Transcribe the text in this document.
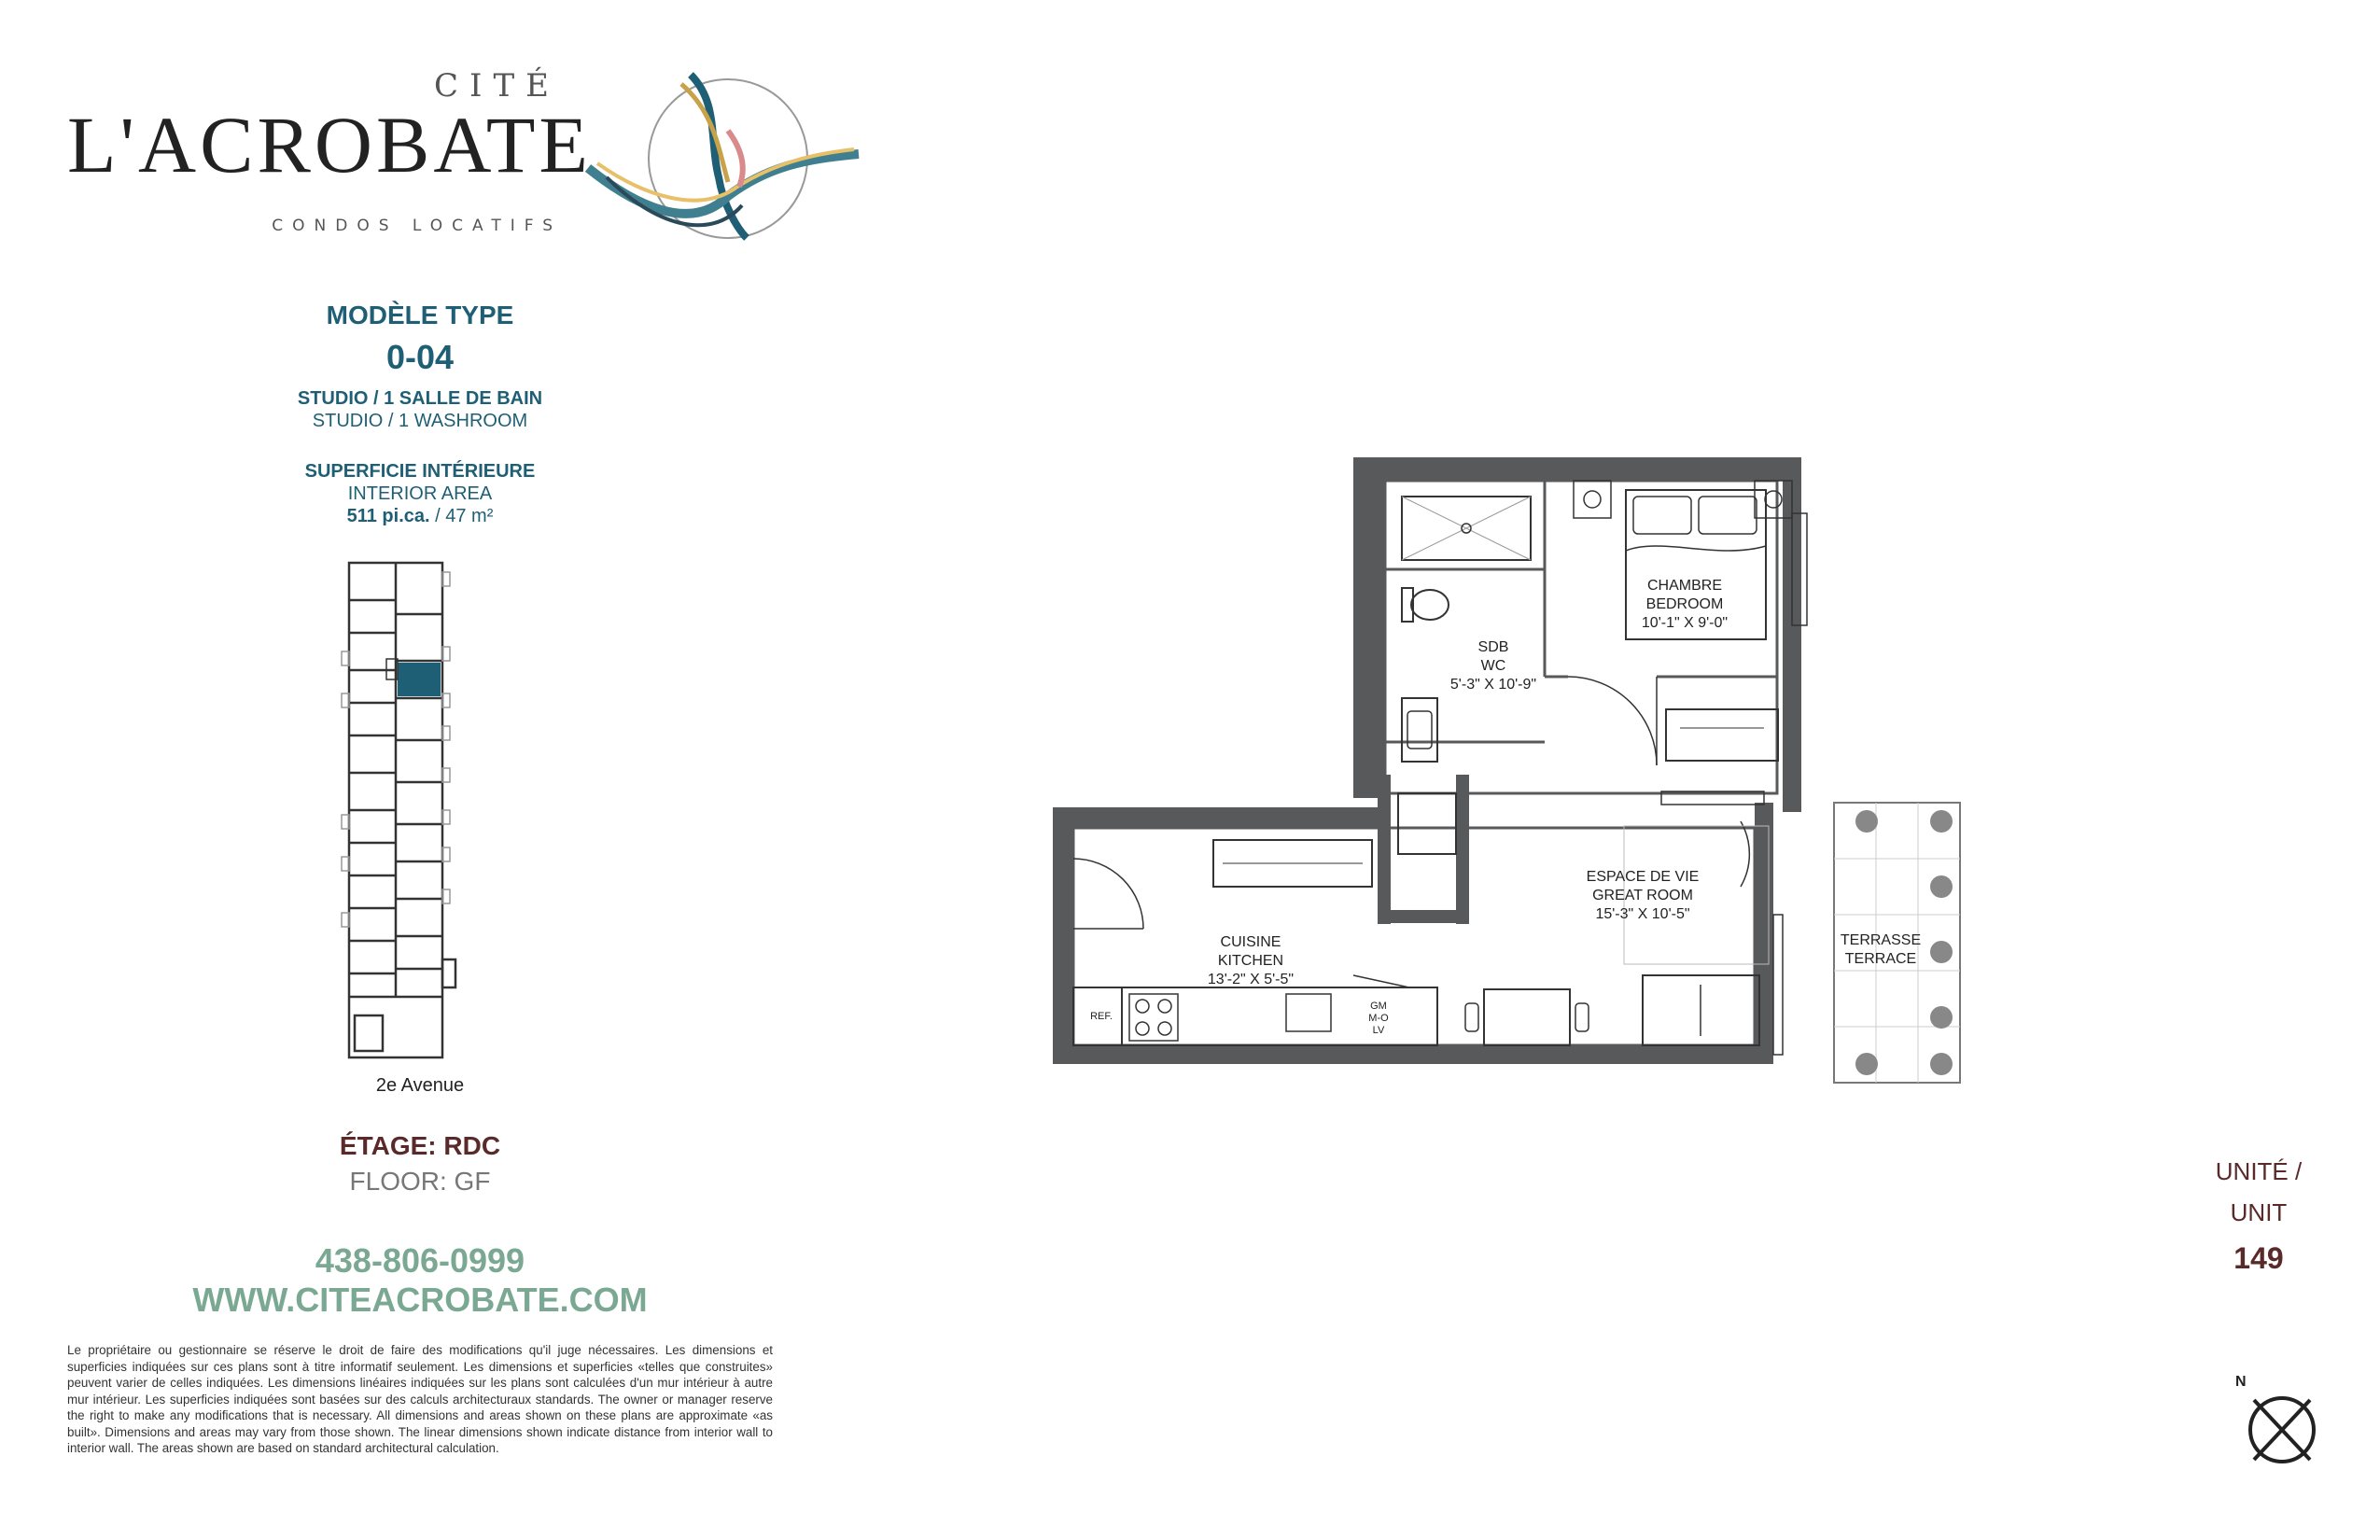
CITÉ
L'ACROBATE
CONDOS LOCATIFS
MODÈLE TYPE
0-04
STUDIO / 1 SALLE DE BAIN
STUDIO / 1 WASHROOM
SUPERFICIE INTÉRIEURE
INTERIOR AREA
511 pi.ca. / 47 m²
2e Avenue
ÉTAGE: RDC
FLOOR: GF
438-806-0999
WWW.CITEACROBATE.COM
Le propriétaire ou gestionnaire se réserve le droit de faire des modifications qu'il juge nécessaires. Les dimensions et superficies indiquées sur ces plans sont à titre informatif seulement. Les dimensions et superficies «telles que construites» peuvent varier de celles indiquées. Les dimensions linéaires indiquées sur les plans sont calculées d'un mur intérieur à autre mur intérieur. Les superficies indiquées sont basées sur des calculs architecturaux standards. The owner or manager reserve the right to make any modifications that is necessary. All dimensions and areas shown on these plans are approximate «as built». Dimensions and areas may vary from those shown. The linear dimensions shown indicate distance from interior wall to interior wall. The areas shown are based on standard architectural calculation.
CHAMBRE
BEDROOM
10'-1" X 9'-0"
SDB
WC
5'-3" X 10'-9"
ESPACE DE VIE
GREAT ROOM
15'-3" X 10'-5"
CUISINE
KITCHEN
13'-2" X 5'-5"
TERRASSE
TERRACE
REF.
GM
M-O
LV
UNITÉ /
UNIT
149
N
